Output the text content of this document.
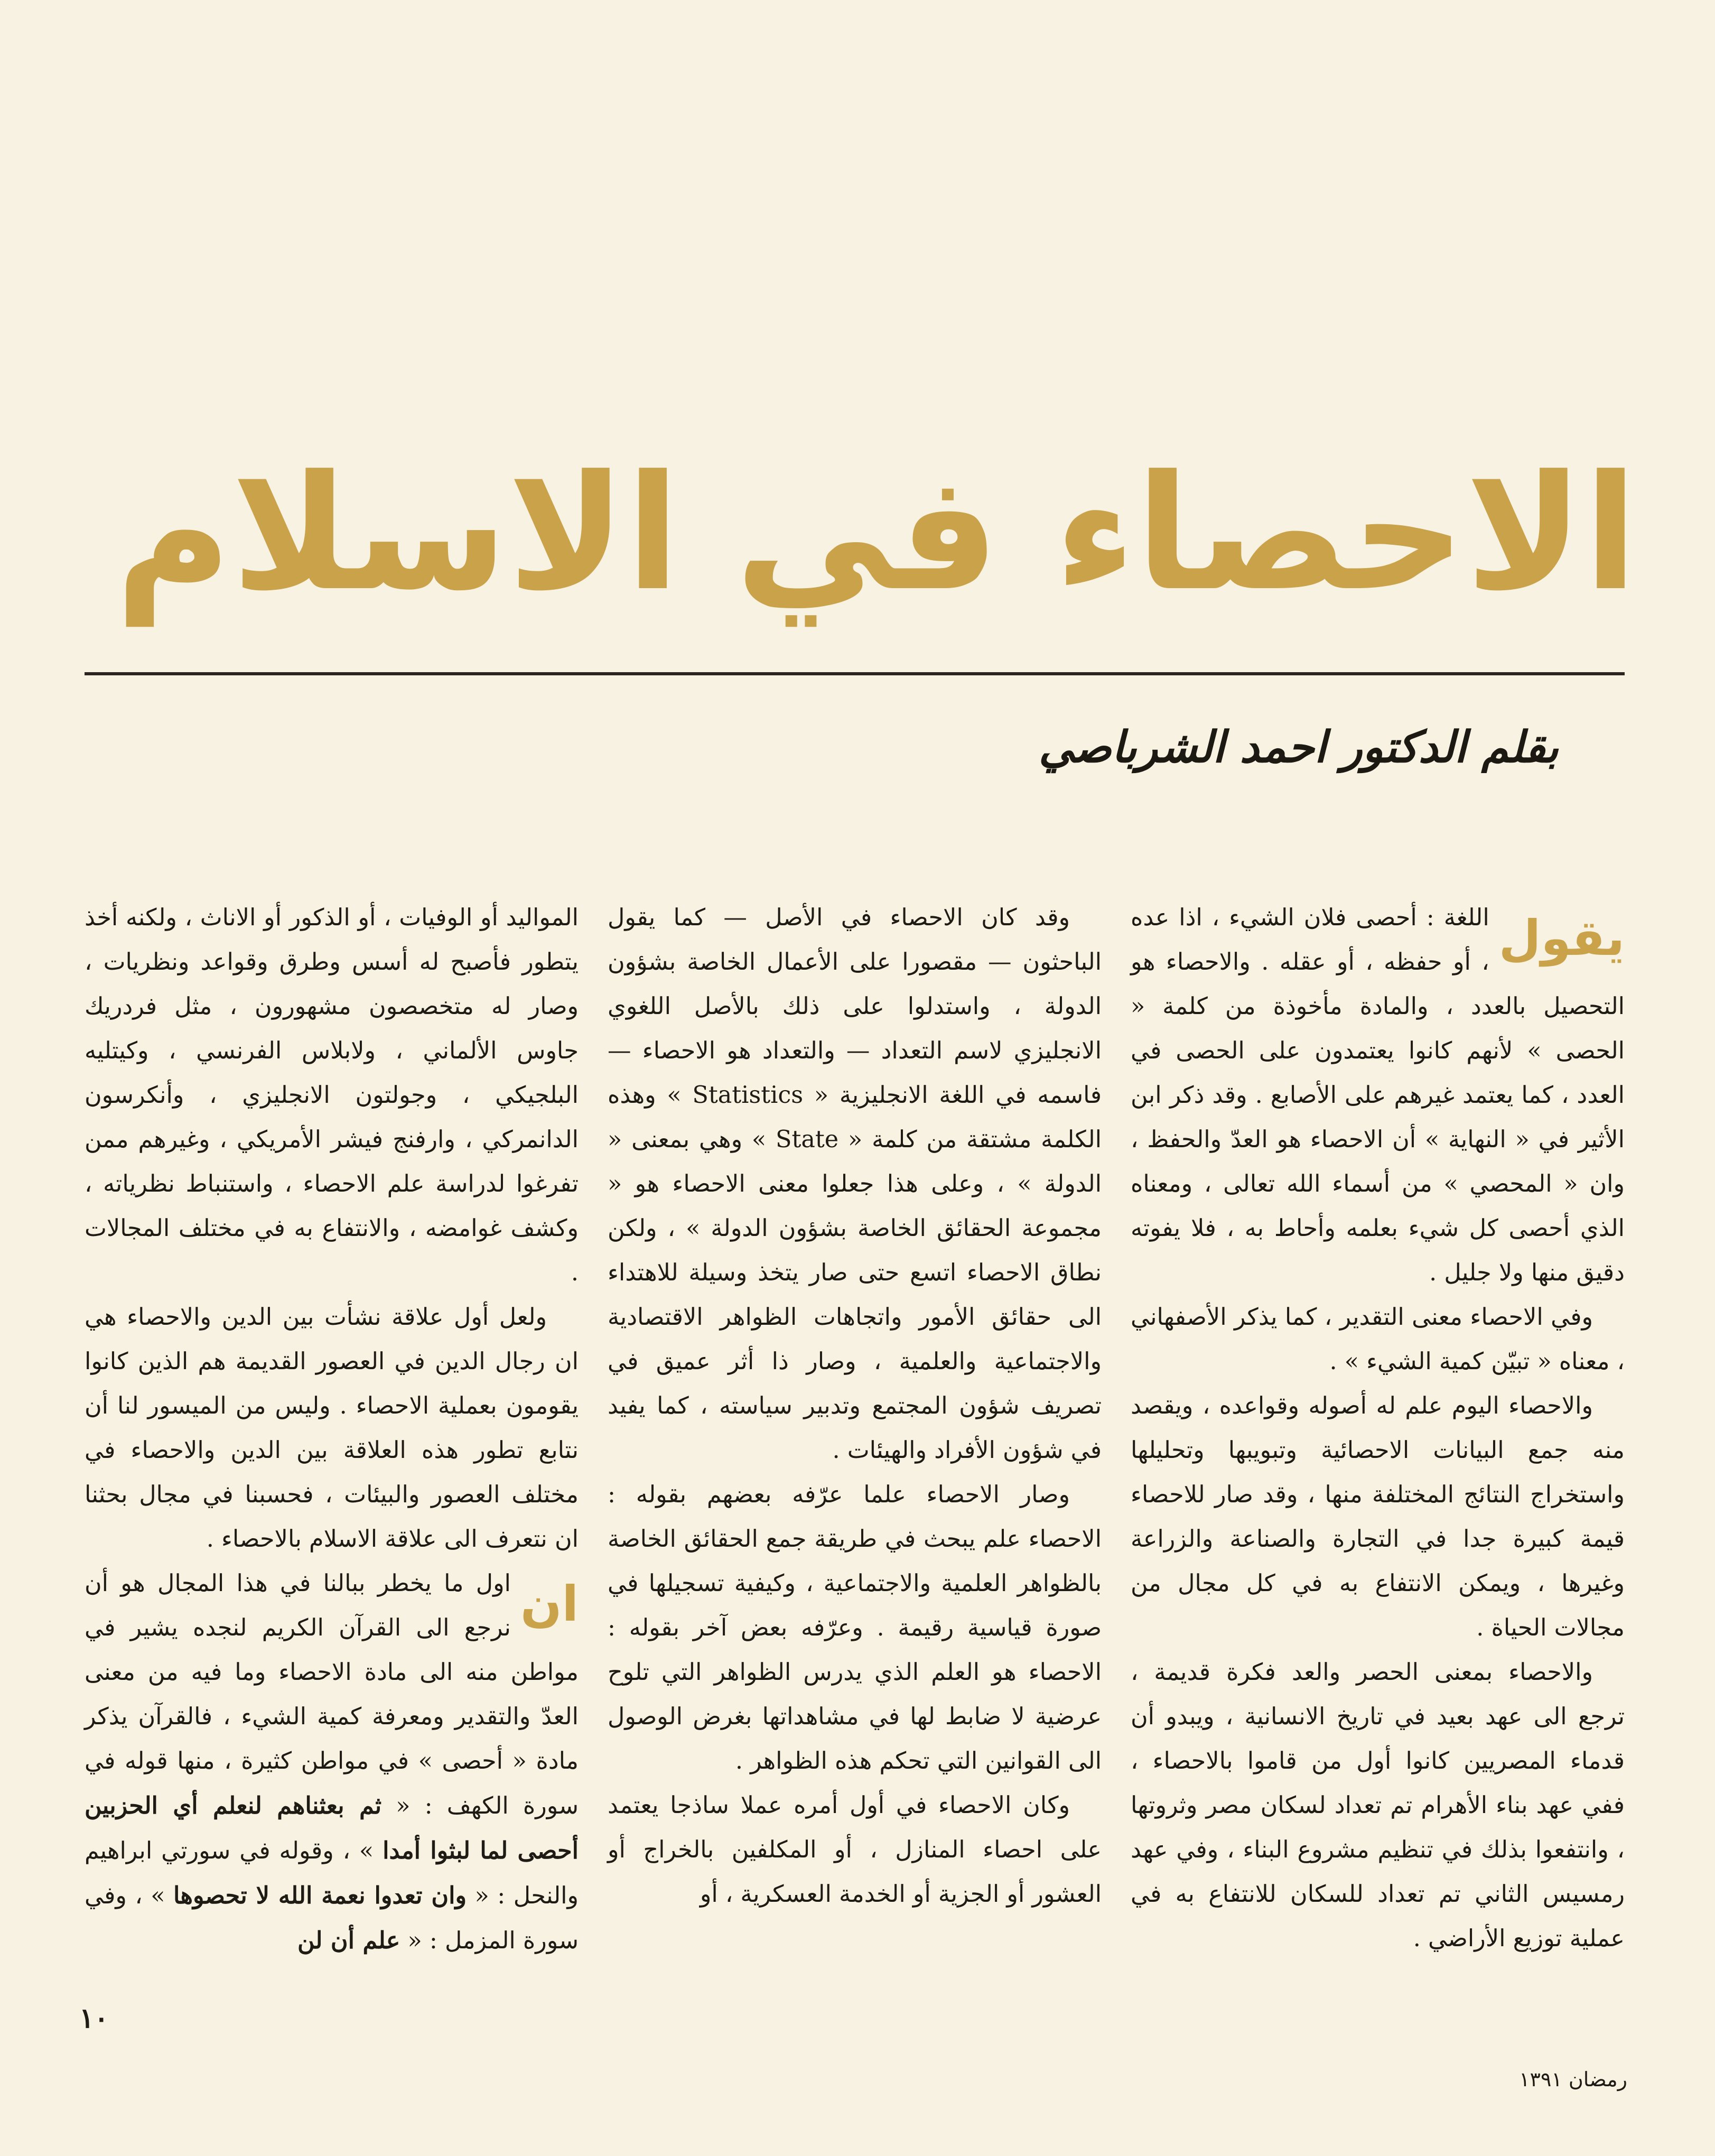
الاحصاء في الاسلام
بقلم الدكتور احمد الشرباصي
يقول

اللغة : أحصى فلان الشيء ، اذا عده ، أو حفظه ، أو عقله . والاحصاء هو التحصيل بالعدد ، والمادة مأخوذة من كلمة « الحصى » لأنهم كانوا يعتمدون على الحصى في العدد ، كما يعتمد غيرهم على الأصابع . وقد ذكر ابن الأثير في « النهاية » أن الاحصاء هو العدّ والحفظ ، وان « المحصي » من أسماء الله تعالى ، ومعناه الذي أحصى كل شيء بعلمه وأحاط به ، فلا يفوته دقيق منها ولا جليل .

وفي الاحصاء معنى التقدير ، كما يذكر الأصفهاني ، معناه « تبيّن كمية الشيء » .

والاحصاء اليوم علم له أصوله وقواعده ، ويقصد منه جمع البيانات الاحصائية وتبويبها وتحليلها واستخراج النتائج المختلفة منها ، وقد صار للاحصاء قيمة كبيرة جدا في التجارة والصناعة والزراعة وغيرها ، ويمكن الانتفاع به في كل مجال من مجالات الحياة .

والاحصاء بمعنى الحصر والعد فكرة قديمة ، ترجع الى عهد بعيد في تاريخ الانسانية ، ويبدو أن قدماء المصريين كانوا أول من قاموا بالاحصاء ، ففي عهد بناء الأهرام تم تعداد لسكان مصر وثروتها ، وانتفعوا بذلك في تنظيم مشروع البناء ، وفي عهد رمسيس الثاني تم تعداد للسكان للانتفاع به في عملية توزيع الأراضي .

وقد كان الاحصاء في الأصل — كما يقول الباحثون — مقصورا على الأعمال الخاصة بشؤون الدولة ، واستدلوا على ذلك بالأصل اللغوي الانجليزي لاسم التعداد — والتعداد هو الاحصاء — فاسمه في اللغة الانجليزية « Statistics » وهذه الكلمة مشتقة من كلمة « State » وهي بمعنى « الدولة » ، وعلى هذا جعلوا معنى الاحصاء هو « مجموعة الحقائق الخاصة بشؤون الدولة » ، ولكن نطاق الاحصاء اتسع حتى صار يتخذ وسيلة للاهتداء الى حقائق الأمور واتجاهات الظواهر الاقتصادية والاجتماعية والعلمية ، وصار ذا أثر عميق في تصريف شؤون المجتمع وتدبير سياسته ، كما يفيد في شؤون الأفراد والهيئات .

وصار الاحصاء علما عرّفه بعضهم بقوله : الاحصاء علم يبحث في طريقة جمع الحقائق الخاصة بالظواهر العلمية والاجتماعية ، وكيفية تسجيلها في صورة قياسية رقيمة . وعرّفه بعض آخر بقوله : الاحصاء هو العلم الذي يدرس الظواهر التي تلوح عرضية لا ضابط لها في مشاهداتها بغرض الوصول الى القوانين التي تحكم هذه الظواهر .

وكان الاحصاء في أول أمره عملا ساذجا يعتمد على احصاء المنازل ، أو المكلفين بالخراج أو العشور أو الجزية أو الخدمة العسكرية ، أو

المواليد أو الوفيات ، أو الذكور أو الاناث ، ولكنه أخذ يتطور فأصبح له أسس وطرق وقواعد ونظريات ، وصار له متخصصون مشهورون ، مثل فردريك جاوس الألماني ، ولابلاس الفرنسي ، وكيتليه البلجيكي ، وجولتون الانجليزي ، وأنكرسون الدانمركي ، وارفنج فيشر الأمريكي ، وغيرهم ممن تفرغوا لدراسة علم الاحصاء ، واستنباط نظرياته ، وكشف غوامضه ، والانتفاع به في مختلف المجالات .

ولعل أول علاقة نشأت بين الدين والاحصاء هي ان رجال الدين في العصور القديمة هم الذين كانوا يقومون بعملية الاحصاء . وليس من الميسور لنا أن نتابع تطور هذه العلاقة بين الدين والاحصاء في مختلف العصور والبيئات ، فحسبنا في مجال بحثنا ان نتعرف الى علاقة الاسلام بالاحصاء .

ان
اول ما يخطر ببالنا في هذا المجال هو أن نرجع الى القرآن الكريم لنجده يشير في مواطن منه الى مادة الاحصاء وما فيه من معنى العدّ والتقدير ومعرفة كمية الشيء ، فالقرآن يذكر مادة « أحصى » في مواطن كثيرة ، منها قوله في سورة الكهف : « ثم بعثناهم لنعلم أي الحزبين أحصى لما لبثوا أمدا » ، وقوله في سورتي ابراهيم والنحل : « وان تعدوا نعمة الله لا تحصوها » ، وفي سورة المزمل : « علم أن لن

١٠
رمضان ١٣٩١
